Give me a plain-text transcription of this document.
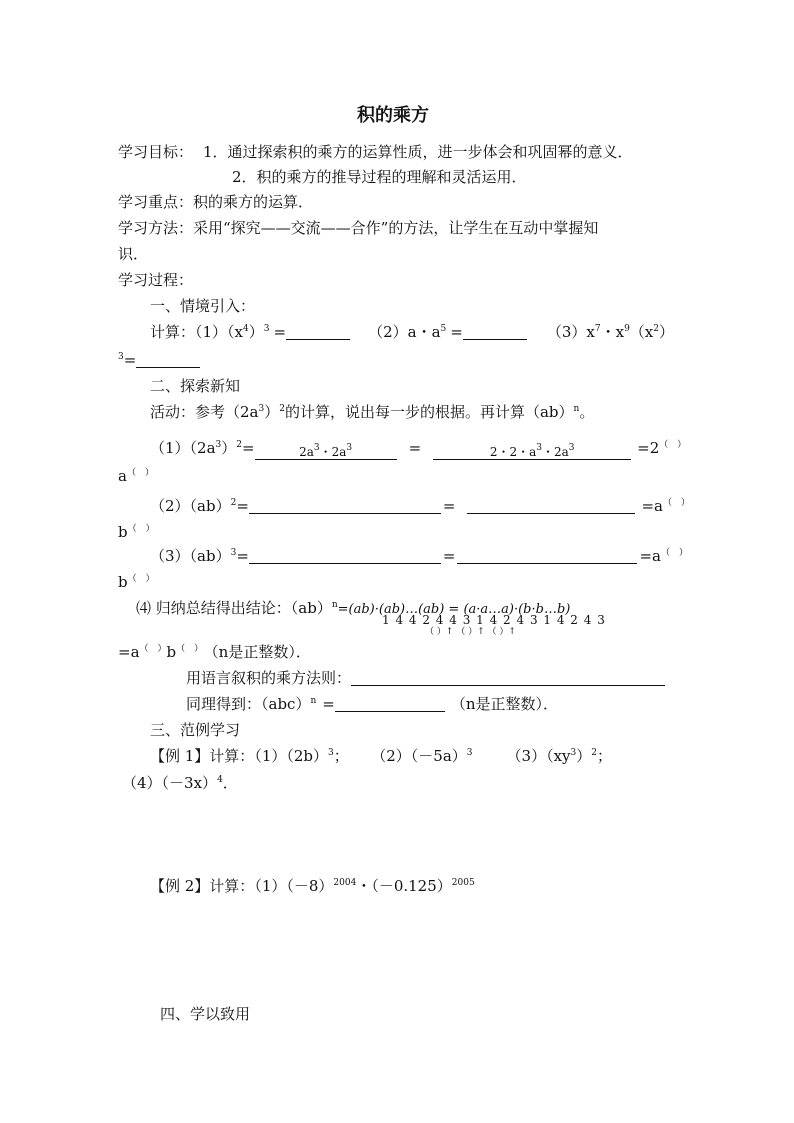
积的乘方
学习目标： 1．通过探索积的乘方的运算性质，进一步体会和巩固幂的意义．
2．积的乘方的推导过程的理解和灵活运用．
学习重点：积的乘方的运算．
学习方法：采用“探究——交流——合作”的方法，让学生在互动中掌握知
识．
学习过程：
一、情境引入：
计算：$(1)(x^4)^3$ =	（2）a・$a^5$ =	$(3)x^7$・$x^9(x^2)$
$^3$=
二、探索新知
活动：参考$(2a^3)^2$的计算，说出每一步的根据。再计算（ab）$^n$。
$(1)(2a^3)^2=$	$2a^3$・$2a^3$	=	2・2・$a^3$・$2a^3$	=2（　）
a（　）
（2）（ab）$^2$=	=	=a（　）
b（　）
（3）（ab）$^3$=	=	=a（　）
b（　）
⑷ 归纳总结得出结论：（ab）$^n$=(ab)·(ab)…(ab) = (a·a…a)·(b·b…b)
1 4 4 2 4 4 3 1 4 2 4 3 1 4 2 4 3
（ ）↑ （ ）↑ （ ）↑
=a（　）b（　） （n是正整数）．
用语言叙积的乘方法则：
同理得到：（abc）$^n$ =	（n是正整数）．
三、范例学习
【例 1】计算：$(1)(2b)^3$； $(2)(-5a)^3$ $(3)(xy^3)^2$；
$(4)(-3x)^4$．
【例 2】计算：$(1)(-8)^{2004}$・$(-0.125)^{2005}$
四、学以致用
